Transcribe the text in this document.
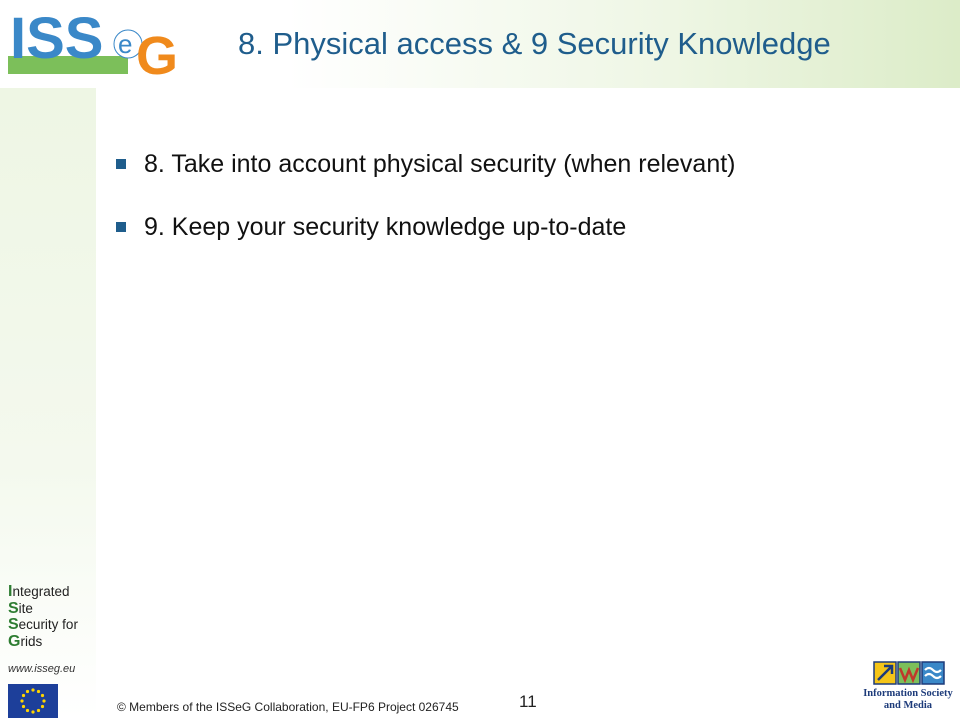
ISS e G 8. Physical access & 9 Security Knowledge
8. Take into account physical security (when relevant)
9. Keep your security knowledge up-to-date
Integrated
Site
Security for
Grids
www.isseg.eu
© Members of the ISSeG Collaboration, EU-FP6 Project 026745	11	Information Society
and Media
